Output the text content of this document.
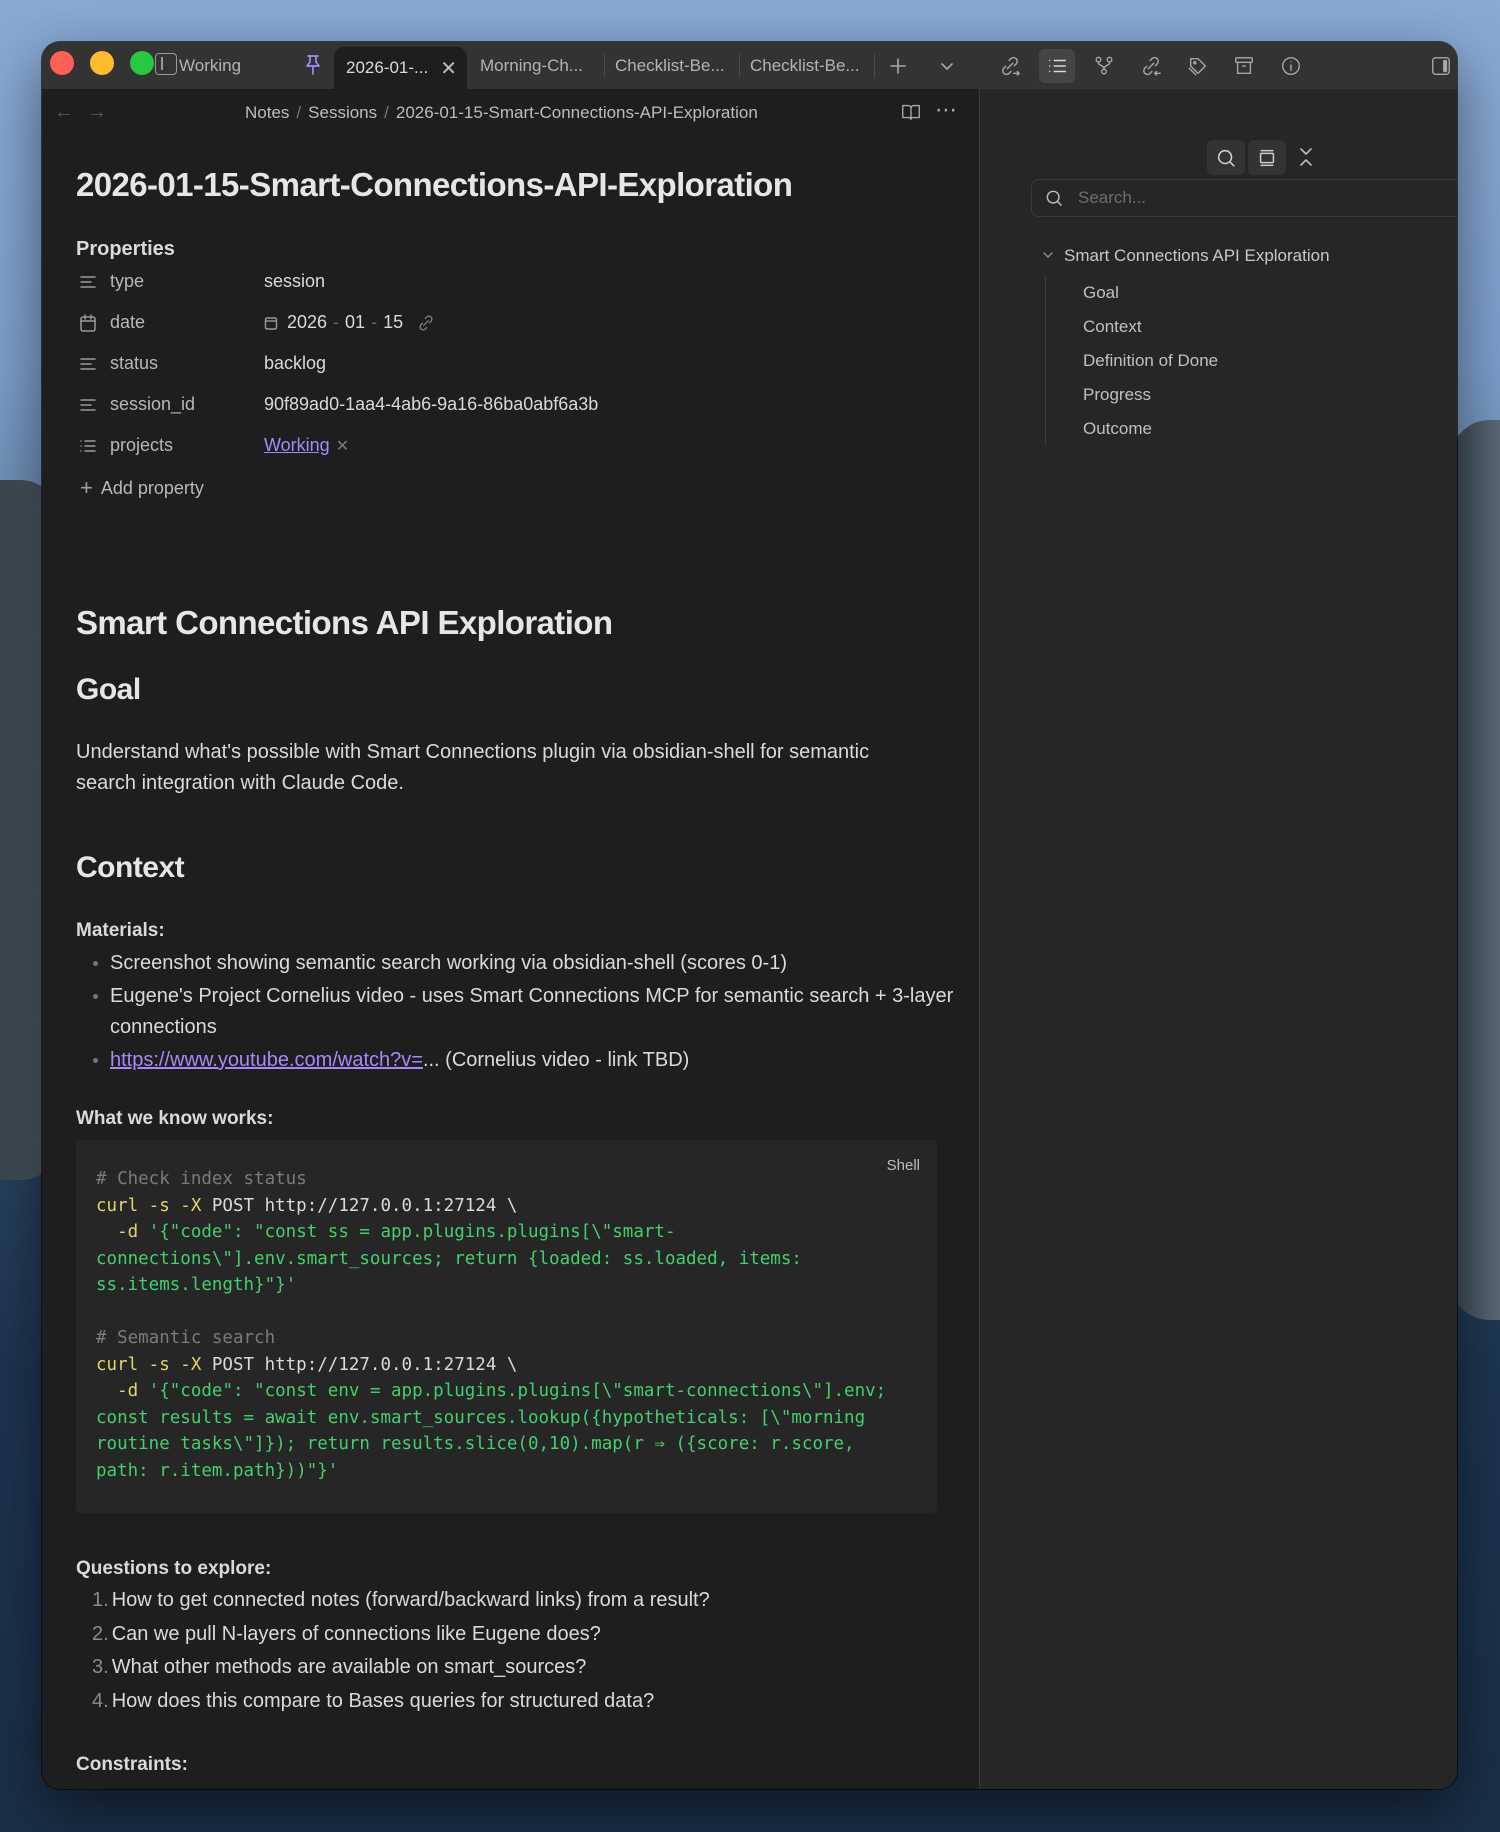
Working	2026-01-... ✕ Morning-Ch... Checklist-Be... Checklist-Be...
← →	Notes / Sessions / 2026-01-15-Smart-Connections-API-Exploration	⋯
2026-01-15-Smart-Connections-API-Exploration
Properties
type	session
date	2026 - 01 - 15
status	backlog
session_id	90f89ad0-1aa4-4ab6-9a16-86ba0abf6a3b
projects	Working ✕
+ Add property
Smart Connections API Exploration
Goal

Understand what's possible with Smart Connections plugin via obsidian-shell for semantic search integration with Claude Code.

Context
Materials:
Screenshot showing semantic search working via obsidian-shell (scores 0-1)
Eugene's Project Cornelius video - uses Smart Connections MCP for semantic search + 3-layer connections
https://www.youtube.com/watch?v=... (Cornelius video - link TBD)
What we know works:
Shell
# Check index status
curl -s -X POST http://127.0.0.1:27124 \
-d '{"code": "const ss = app.plugins.plugins[\"smart-
connections\"].env.smart_sources; return {loaded: ss.loaded, items:
ss.items.length}"}'
# Semantic search
curl -s -X POST http://127.0.0.1:27124 \
-d '{"code": "const env = app.plugins.plugins[\"smart-connections\"].env;
const results = await env.smart_sources.lookup({hypotheticals: [\"morning
routine tasks\"]}); return results.slice(0,10).map(r ⇒ ({score: r.score,
path: r.item.path}))"}'
Questions to explore:
1. How to get connected notes (forward/backward links) from a result?
2. Can we pull N-layers of connections like Eugene does?
3. What other methods are available on smart_sources?
4. How does this compare to Bases queries for structured data?
Constraints:
Search...
Smart Connections API Exploration
Goal
Context
Definition of Done
Progress
Outcome
